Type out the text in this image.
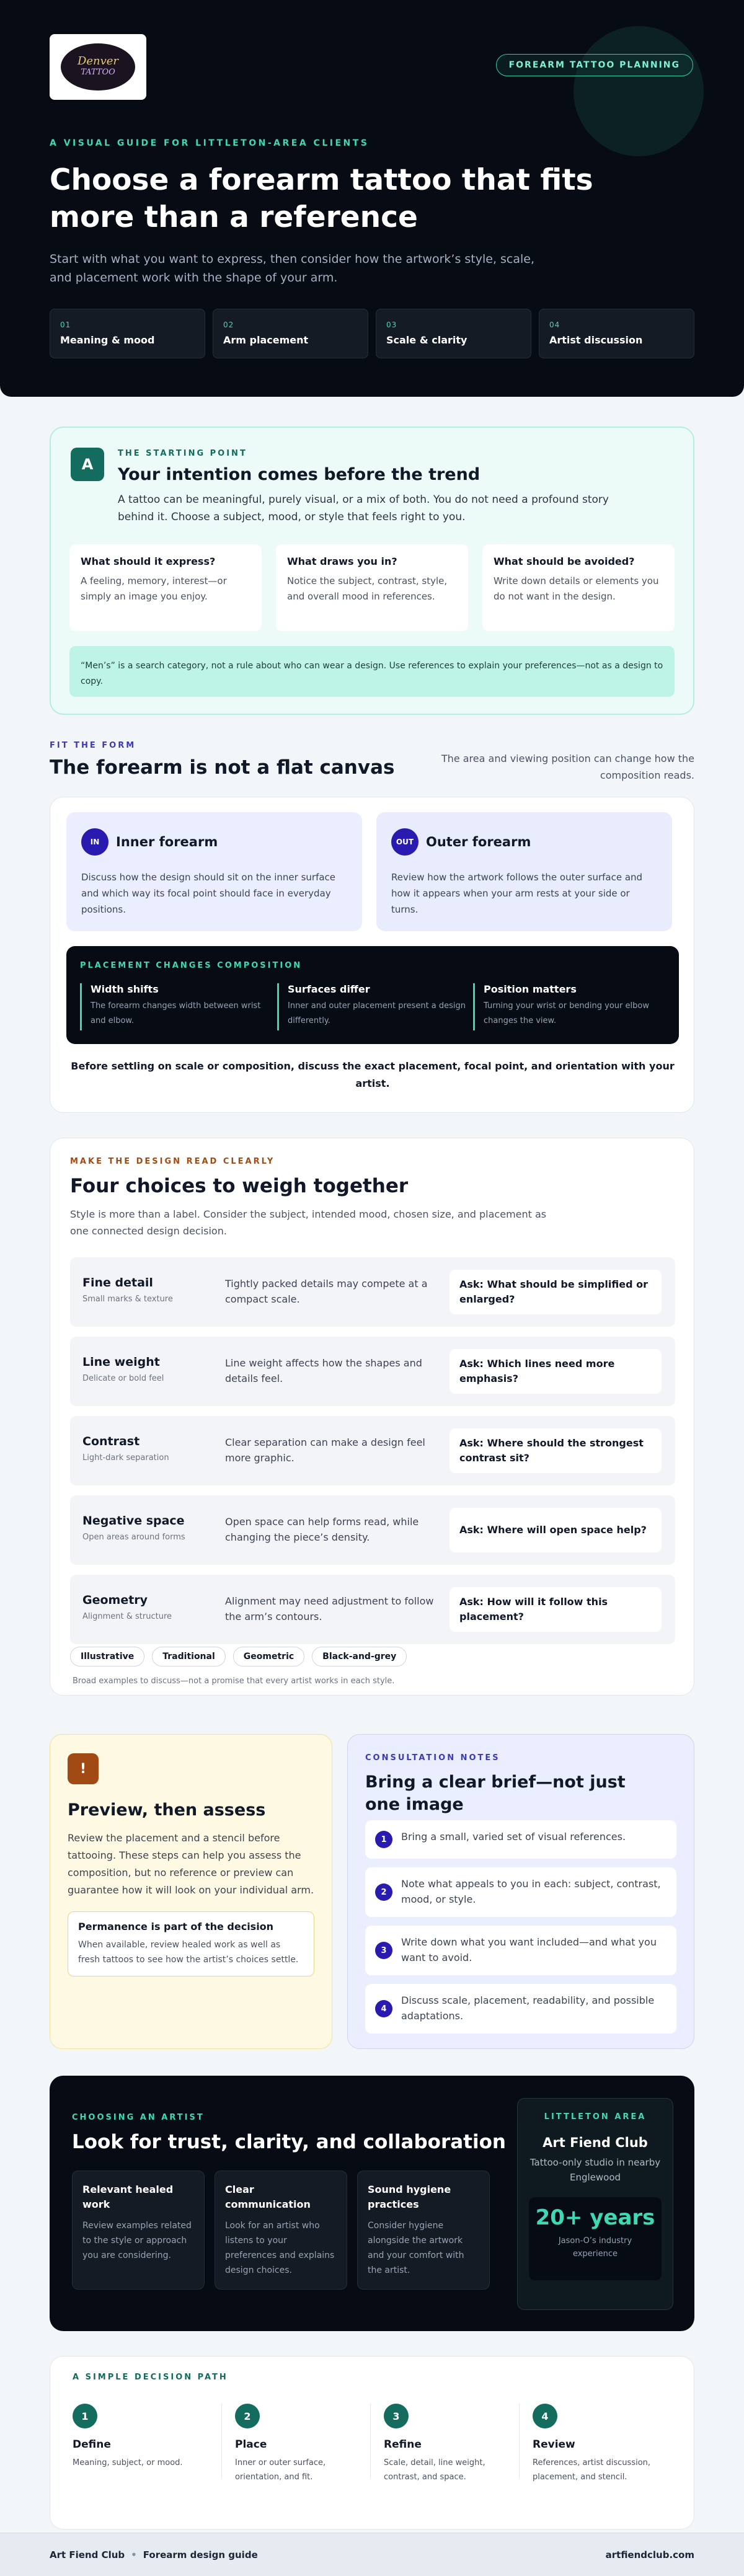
Denver
TATTOO
FOREARM TATTOO PLANNING
A VISUAL GUIDE FOR LITTLETON-AREA CLIENTS
Choose a forearm tattoo that fits more than a reference

Start with what you want to express, then consider how the artwork’s style, scale, and placement work with the shape of your arm.

01
Meaning & mood
02
Arm placement
03
Scale & clarity
04
Artist discussion
A
THE STARTING POINT
Your intention comes before the trend

A tattoo can be meaningful, purely visual, or a mix of both. You do not need a profound story behind it. Choose a subject, mood, or style that feels right to you.

What should it express?
A feeling, memory, interest—or simply an image you enjoy.
What draws you in?
Notice the subject, contrast, style, and overall mood in references.
What should be avoided?
Write down details or elements you do not want in the design.
“Men’s” is a search category, not a rule about who can wear a design. Use references to explain your preferences—not as a design to copy.
FIT THE FORM
The forearm is not a flat canvas	The area and viewing position can change how the composition reads.

IN	Inner forearm
Discuss how the design should sit on the inner surface and which way its focal point should face in everyday positions.
OUT Outer forearm
Review how the artwork follows the outer surface and how it appears when your arm rests at your side or turns.
PLACEMENT CHANGES COMPOSITION
Width shifts
The forearm changes width between wrist and elbow.
Surfaces differ
Inner and outer placement present a design differently.
Position matters
Turning your wrist or bending your elbow changes the view.

Before settling on scale or composition, discuss the exact placement, focal point, and orientation with your artist.

MAKE THE DESIGN READ CLEARLY
Four choices to weigh together

Style is more than a label. Consider the subject, intended mood, chosen size, and placement as one connected design decision.

Fine detail
Small marks & texture
Tightly packed details may compete at a compact scale.
Ask: What should be simplified or enlarged?
Line weight
Delicate or bold feel
Line weight affects how the shapes and details feel.
Ask: Which lines need more emphasis?
Contrast
Light-dark separation
Clear separation can make a design feel more graphic.
Ask: Where should the strongest contrast sit?
Negative space
Open areas around forms
Open space can help forms read, while changing the piece’s density.
Ask: Where will open space help?
Geometry
Alignment & structure
Alignment may need adjustment to follow the arm’s contours.
Ask: How will it follow this placement?
Illustrative	Traditional	Geometric	Black-and-grey

Broad examples to discuss—not a promise that every artist works in each style.

!
Preview, then assess

Review the placement and a stencil before tattooing. These steps can help you assess the composition, but no reference or preview can guarantee how it will look on your individual arm.

Permanence is part of the decision
When available, review healed work as well as fresh tattoos to see how the artist’s choices settle.
CONSULTATION NOTES
Bring a clear brief—not just one image
1	Bring a small, varied set of visual references.
2
Note what appeals to you in each: subject, contrast, mood, or style.
3
Write down what you want included—and what you want to avoid.
4
Discuss scale, placement, readability, and possible adaptations.
CHOOSING AN ARTIST
Look for trust, clarity, and collaboration
Relevant healed work
Review examples related to the style or approach you are considering.
Clear communication
Look for an artist who listens to your preferences and explains design choices.
Sound hygiene practices
Consider hygiene alongside the artwork and your comfort with the artist.
LITTLETON AREA
Art Fiend Club
Tattoo-only studio in nearby Englewood
20+ years
Jason-O’s industry experience
A SIMPLE DECISION PATH
1
Define
Meaning, subject, or mood.
2
Place
Inner or outer surface, orientation, and fit.
3
Refine
Scale, detail, line weight, contrast, and space.
4
Review
References, artist discussion, placement, and stencil.
Art Fiend Club • Forearm design guide	artfiendclub.com
